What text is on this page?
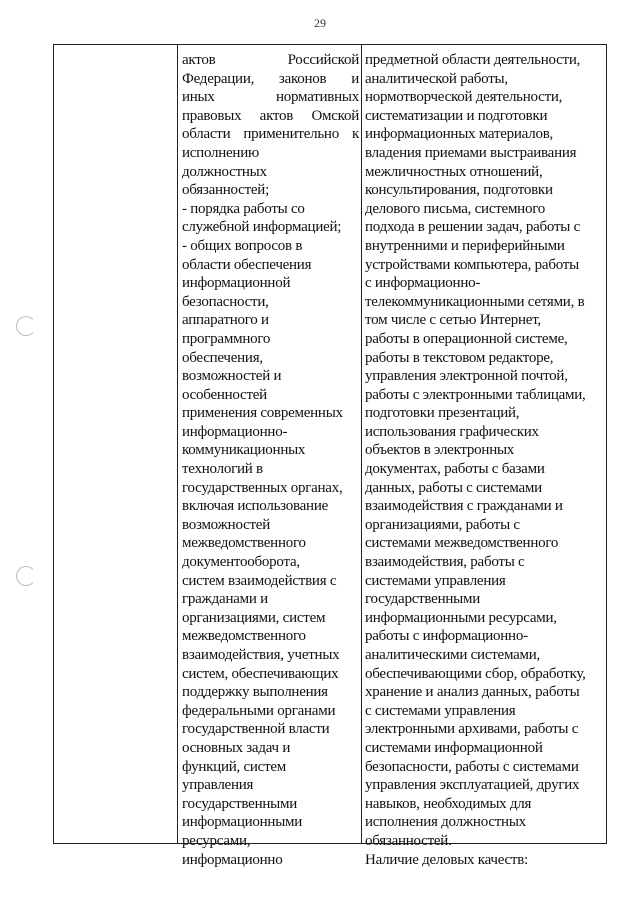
29
актов Российской
Федерации, законов и
иных нормативных
правовых актов Омской
области применительно к
исполнению
должностных
обязанностей;
- порядка работы со
служебной информацией;
- общих вопросов в
области обеспечения
информационной
безопасности,
аппаратного и
программного
обеспечения,
возможностей и
особенностей
применения современных
информационно-
коммуникационных
технологий в
государственных органах,
включая использование
возможностей
межведомственного
документооборота,
систем взаимодействия с
гражданами и
организациями, систем
межведомственного
взаимодействия, учетных
систем, обеспечивающих
поддержку выполнения
федеральными органами
государственной власти
основных задач и
функций, систем
управления
государственными
информационными
ресурсами,
информационно
предметной области деятельности,
аналитической работы,
нормотворческой деятельности,
систематизации и подготовки
информационных материалов,
владения приемами выстраивания
межличностных отношений,
консультирования, подготовки
делового письма, системного
подхода в решении задач, работы с
внутренними и периферийными
устройствами компьютера, работы
с информационно-
телекоммуникационными сетями, в
том числе с сетью Интернет,
работы в операционной системе,
работы в текстовом редакторе,
управления электронной почтой,
работы с электронными таблицами,
подготовки презентаций,
использования графических
объектов в электронных
документах, работы с базами
данных, работы с системами
взаимодействия с гражданами и
организациями, работы с
системами межведомственного
взаимодействия, работы с
системами управления
государственными
информационными ресурсами,
работы с информационно-
аналитическими системами,
обеспечивающими сбор, обработку,
хранение и анализ данных, работы
с системами управления
электронными архивами, работы с
системами информационной
безопасности, работы с системами
управления эксплуатацией, других
навыков, необходимых для
исполнения должностных
обязанностей.
Наличие деловых качеств:
